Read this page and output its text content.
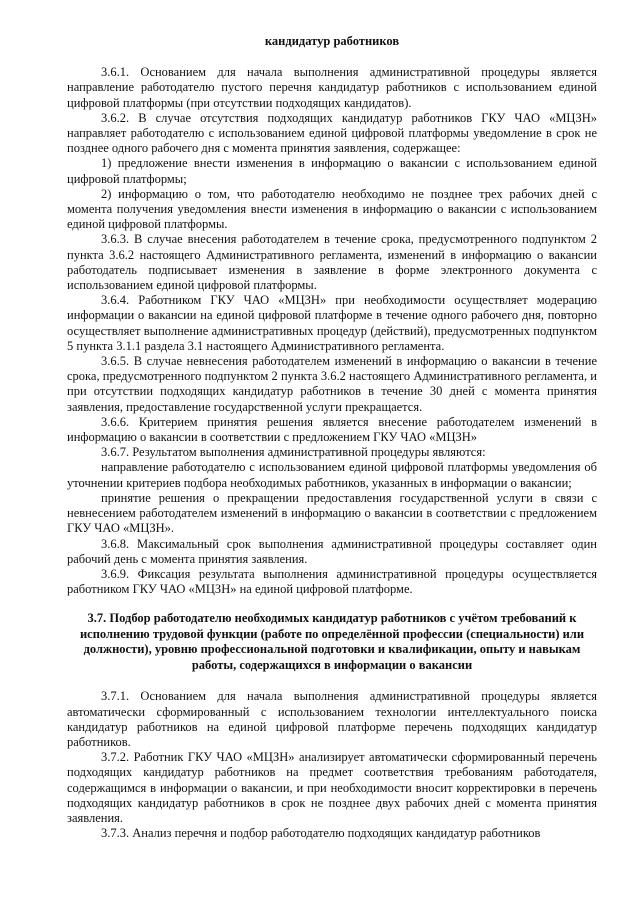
кандидатур работников

3.6.1. Основанием для начала выполнения административной процедуры является направление работодателю пустого перечня кандидатур работников с использованием единой цифровой платформы (при отсутствии подходящих кандидатов).

3.6.2. В случае отсутствия подходящих кандидатур работников ГКУ ЧАО «МЦЗН» направляет работодателю с использованием единой цифровой платформы уведомление в срок не позднее одного рабочего дня с момента принятия заявления, содержащее:

1) предложение внести изменения в информацию о вакансии с использованием единой цифровой платформы;

2) информацию о том, что работодателю необходимо не позднее трех рабочих дней с момента получения уведомления внести изменения в информацию о вакансии с использованием единой цифровой платформы.

3.6.3. В случае внесения работодателем в течение срока, предусмотренного подпунктом 2 пункта 3.6.2 настоящего Административного регламента, изменений в информацию о вакансии работодатель подписывает изменения в заявление в форме электронного документа с использованием единой цифровой платформы.

3.6.4. Работником ГКУ ЧАО «МЦЗН» при необходимости осуществляет модерацию информации о вакансии на единой цифровой платформе в течение одного рабочего дня, повторно осуществляет выполнение административных процедур (действий), предусмотренных подпунктом 5 пункта 3.1.1 раздела 3.1 настоящего Административного регламента.

3.6.5. В случае невнесения работодателем изменений в информацию о вакансии в течение срока, предусмотренного подпунктом 2 пункта 3.6.2 настоящего Административного регламента, и при отсутствии подходящих кандидатур работников в течение 30 дней с момента принятия заявления, предоставление государственной услуги прекращается.

3.6.6. Критерием принятия решения является внесение работодателем изменений в информацию о вакансии в соответствии с предложением ГКУ ЧАО «МЦЗН»

3.6.7. Результатом выполнения административной процедуры являются:

направление работодателю с использованием единой цифровой платформы уведомления об уточнении критериев подбора необходимых работников, указанных в информации о вакансии;

принятие решения о прекращении предоставления государственной услуги в связи с невнесением работодателем изменений в информацию о вакансии в соответствии с предложением ГКУ ЧАО «МЦЗН».

3.6.8. Максимальный срок выполнения административной процедуры составляет один рабочий день с момента принятия заявления.

3.6.9. Фиксация результата выполнения административной процедуры осуществляется работником ГКУ ЧАО «МЦЗН» на единой цифровой платформе.

3.7. Подбор работодателю необходимых кандидатур работников с учётом требований к исполнению трудовой функции (работе по определённой профессии (специальности) или должности), уровню профессиональной подготовки и квалификации, опыту и навыкам работы, содержащихся в информации о вакансии

3.7.1. Основанием для начала выполнения административной процедуры является автоматически сформированный с использованием технологии интеллектуального поиска кандидатур работников на единой цифровой платформе перечень подходящих кандидатур работников.

3.7.2. Работник ГКУ ЧАО «МЦЗН» анализирует автоматически сформированный перечень подходящих кандидатур работников на предмет соответствия требованиям работодателя, содержащимся в информации о вакансии, и при необходимости вносит корректировки в перечень подходящих кандидатур работников в срок не позднее двух рабочих дней с момента принятия заявления.

3.7.3. Анализ перечня и подбор работодателю подходящих кандидатур работников
